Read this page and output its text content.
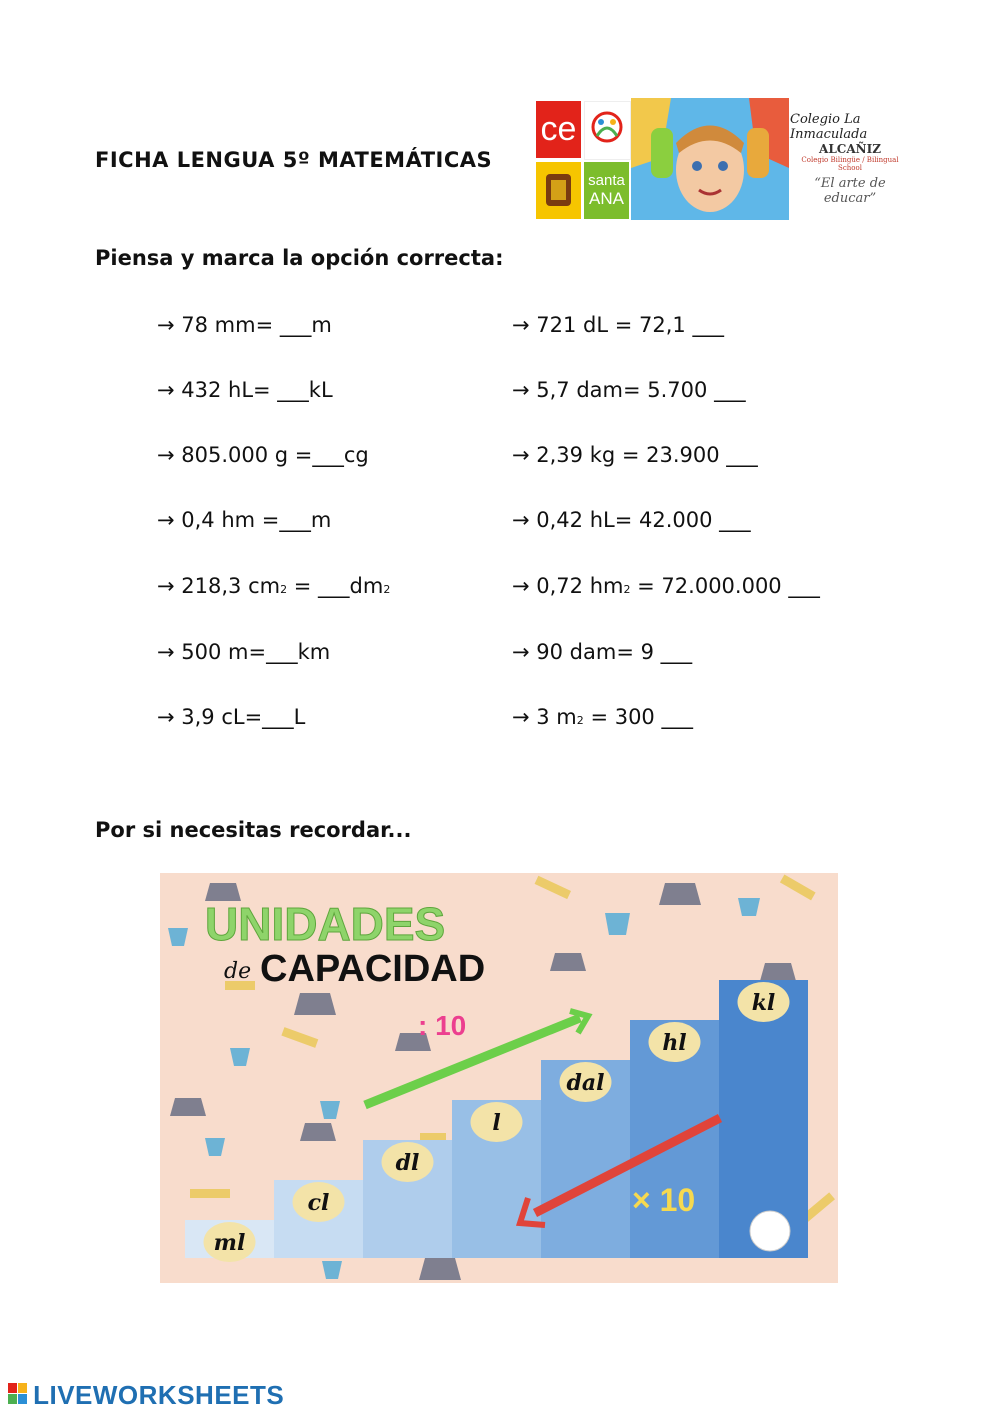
FICHA LENGUA 5º MATEMÁTICAS
ce
santa
ANA
Colegio La Inmaculada
ALCAÑIZ
Colegio Bilingüe / Bilingual School
“El arte de educar”
Piensa y marca la opción correcta:
→ 78 mm= ___m
→ 432 hL= ___kL
→ 805.000 g =___cg
→ 0,4 hm =___m
→ 218,3 cm2 = ___dm2
→ 500 m=___km
→ 3,9 cL=___L
→ 721 dL = 72,1 ___
→ 5,7 dam= 5.700 ___
→ 2,39 kg = 23.900 ___
→ 0,42 hL= 42.000 ___
→ 0,72 hm2 = 72.000.000 ___
→ 90 dam= 9 ___
→ 3 m2 = 300 ___
Por si necesitas recordar...
UNIDADES
de CAPACIDAD
ml
cl
dl
l
dal
hl
kl
: 10
× 10
LIVEWORKSHEETS
